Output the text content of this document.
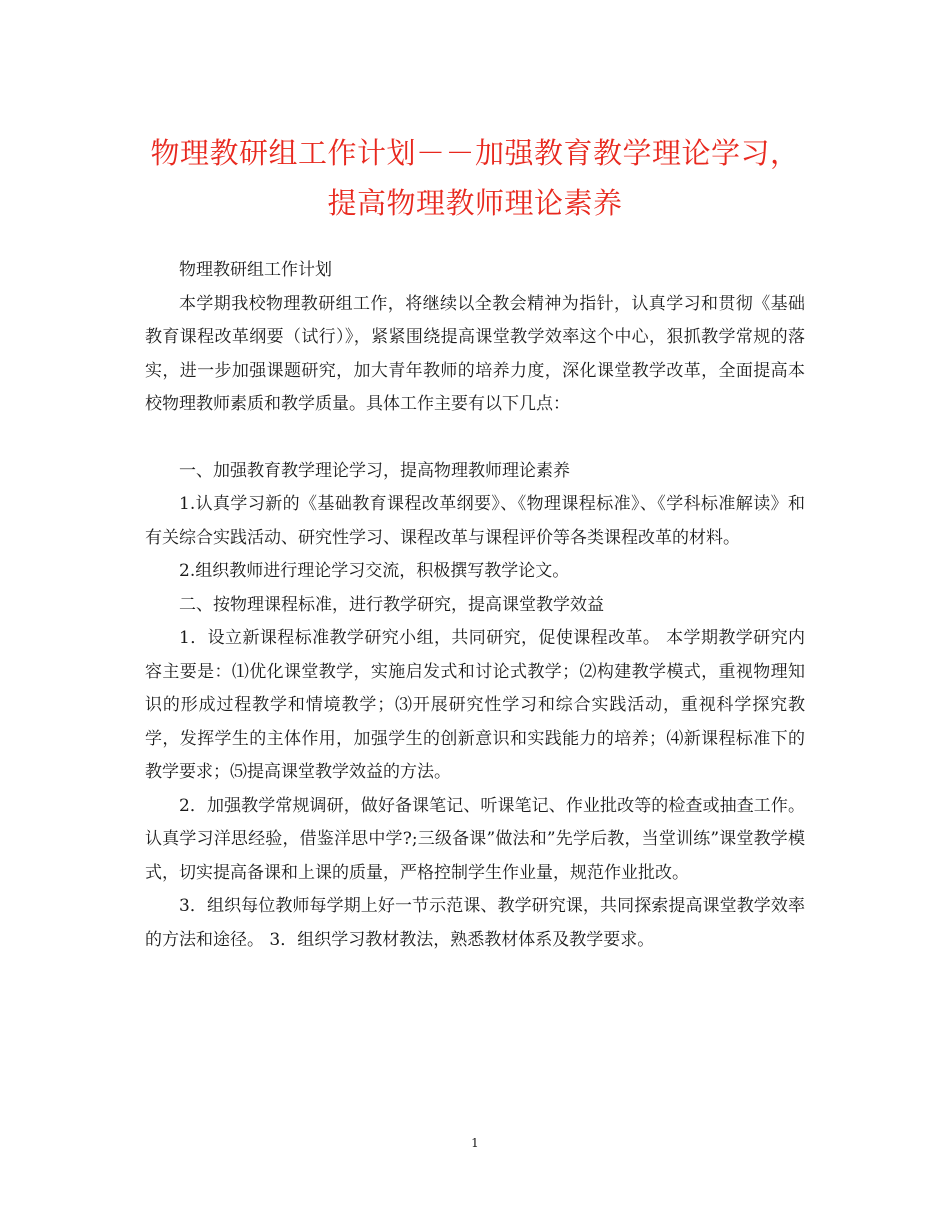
物理教研组工作计划－－加强教育教学理论学习，提高物理教师理论素养

物理教研组工作计划

本学期我校物理教研组工作，将继续以全教会精神为指针，认真学习和贯彻《基础教育课程改革纲要（试行）》，紧紧围绕提高课堂教学效率这个中心，狠抓教学常规的落实，进一步加强课题研究，加大青年教师的培养力度，深化课堂教学改革，全面提高本校物理教师素质和教学质量。具体工作主要有以下几点：

一、加强教育教学理论学习，提高物理教师理论素养

1.认真学习新的《基础教育课程改革纲要》、《物理课程标准》、《学科标准解读》和有关综合实践活动、研究性学习、课程改革与课程评价等各类课程改革的材料。

2.组织教师进行理论学习交流，积极撰写教学论文。

二、按物理课程标准，进行教学研究，提高课堂教学效益

1．设立新课程标准教学研究小组，共同研究，促使课程改革。 本学期教学研究内容主要是：⑴优化课堂教学，实施启发式和讨论式教学；⑵构建教学模式，重视物理知识的形成过程教学和情境教学；⑶开展研究性学习和综合实践活动，重视科学探究教学，发挥学生的主体作用，加强学生的创新意识和实践能力的培养；⑷新课程标准下的教学要求；⑸提高课堂教学效益的方法。

2．加强教学常规调研，做好备课笔记、听课笔记、作业批改等的检查或抽查工作。认真学习洋思经验，借鉴洋思中学?;三级备课”做法和”先学后教，当堂训练”课堂教学模式，切实提高备课和上课的质量，严格控制学生作业量，规范作业批改。

3．组织每位教师每学期上好一节示范课、教学研究课，共同探索提高课堂教学效率的方法和途径。 3．组织学习教材教法，熟悉教材体系及教学要求。

1
